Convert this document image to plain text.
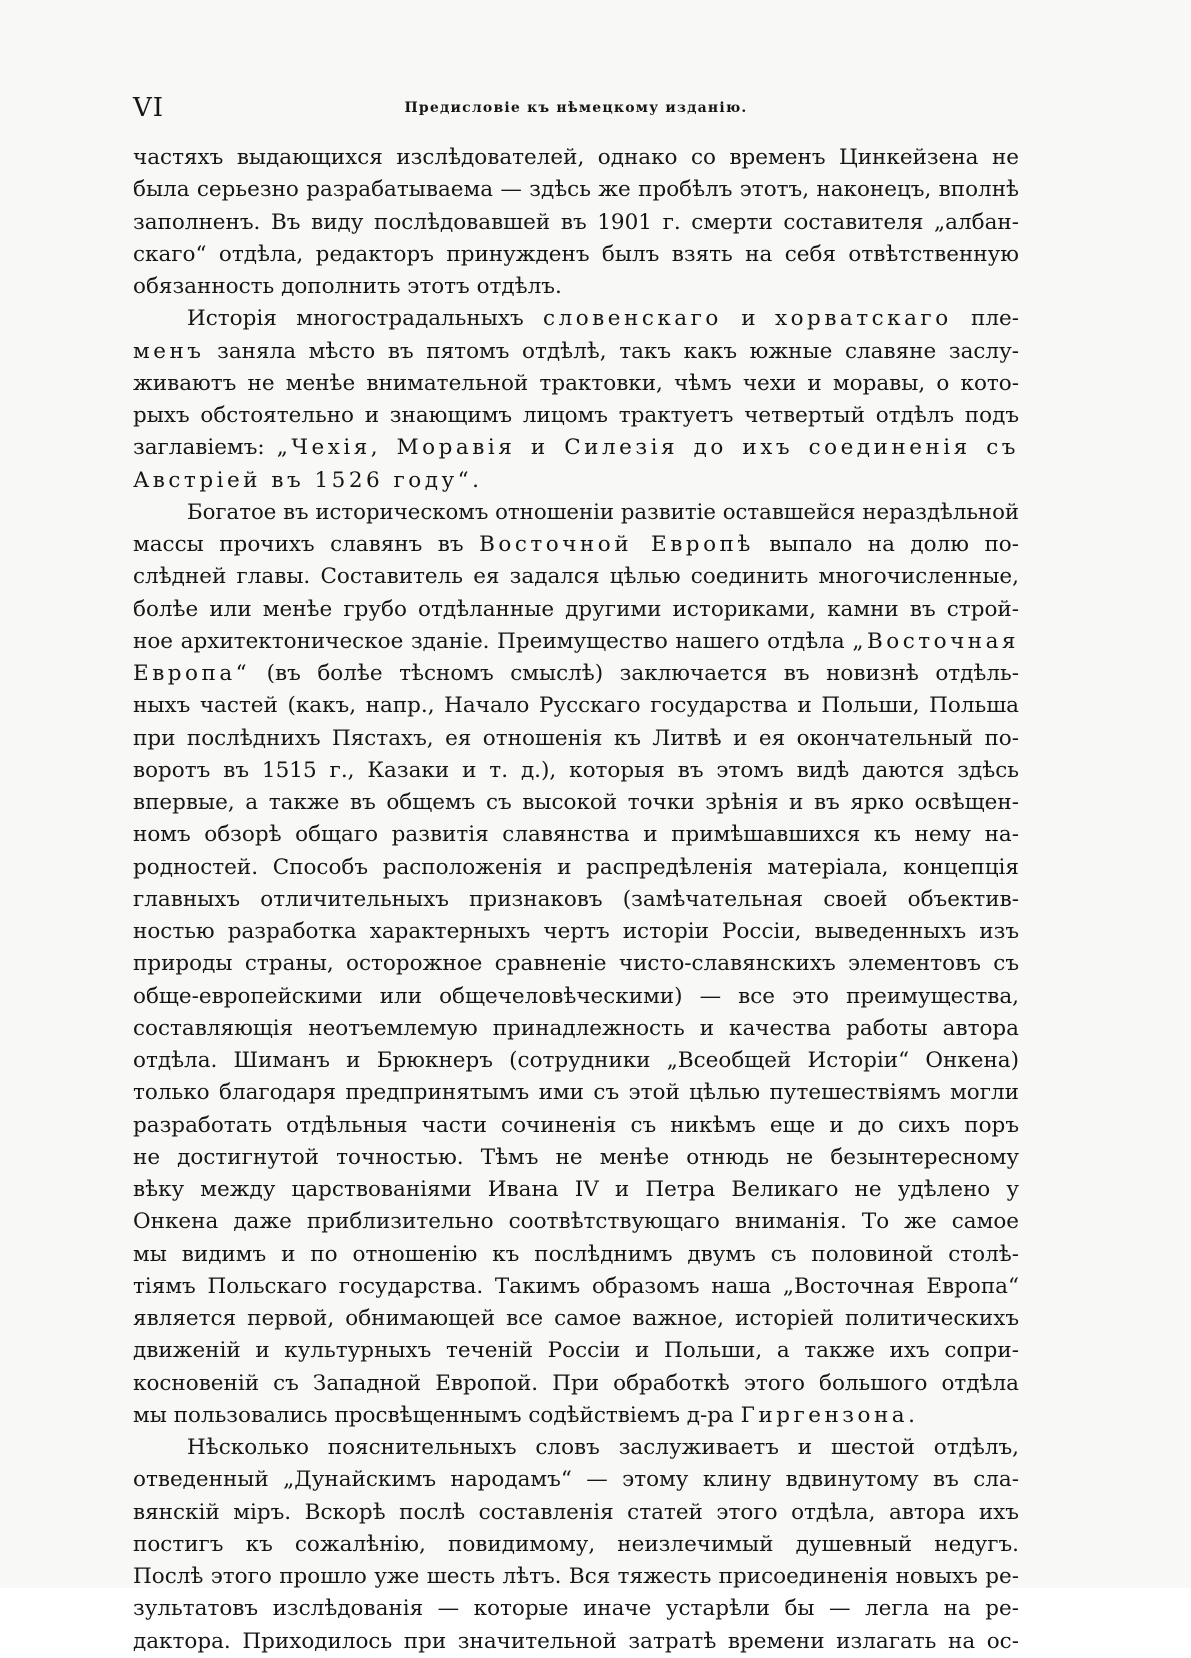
VI	Предисловіе къ нѣмецкому изданію.
частяхъ выдающихся изслѣдователей, однако со временъ Цинкейзена не
была серьезно разрабатываема — здѣсь же пробѣлъ этотъ, наконецъ, вполнѣ
заполненъ. Въ виду послѣдовавшей въ 1901 г. смерти составителя „албан-
скаго“ отдѣла, редакторъ принужденъ былъ взять на себя отвѣтственную
обязанность дополнить этотъ отдѣлъ.
Исторія многострадальныхъ словенскаго и хорватскаго пле-
менъ заняла мѣсто въ пятомъ отдѣлѣ, такъ какъ южные славяне заслу-
живаютъ не менѣе внимательной трактовки, чѣмъ чехи и моравы, о кото-
рыхъ обстоятельно и знающимъ лицомъ трактуетъ четвертый отдѣлъ подъ
заглавіемъ: „Чехія, Моравія и Силезія до ихъ соединенія съ
Австріей въ 1526 году“.
Богатое въ историческомъ отношеніи развитіе оставшейся нераздѣльной
массы прочихъ славянъ въ Восточной Европѣ выпало на долю по-
слѣдней главы. Составитель ея задался цѣлью соединить многочисленные,
болѣе или менѣе грубо отдѣланные другими историками, камни въ строй-
ное архитектоническое зданіе. Преимущество нашего отдѣла „Восточная
Европа“ (въ болѣе тѣсномъ смыслѣ) заключается въ новизнѣ отдѣль-
ныхъ частей (какъ, напр., Начало Русскаго государства и Польши, Польша
при послѣднихъ Пястахъ, ея отношенія къ Литвѣ и ея окончательный по-
воротъ въ 1515 г., Казаки и т. д.), которыя въ этомъ видѣ даются здѣсь
впервые, а также въ общемъ съ высокой точки зрѣнія и въ ярко освѣщен-
номъ обзорѣ общаго развитія славянства и примѣшавшихся къ нему на-
родностей. Способъ расположенія и распредѣленія матеріала, концепція
главныхъ отличительныхъ признаковъ (замѣчательная своей объектив-
ностью разработка характерныхъ чертъ исторіи Россіи, выведенныхъ изъ
природы страны, осторожное сравненіе чисто-славянскихъ элементовъ съ
обще-европейскими или общечеловѣческими) — все это преимущества,
составляющія неотъемлемую принадлежность и качества работы автора
отдѣла. Шиманъ и Брюкнеръ (сотрудники „Всеобщей Исторіи“ Онкена)
только благодаря предпринятымъ ими съ этой цѣлью путешествіямъ могли
разработать отдѣльныя части сочиненія съ никѣмъ еще и до сихъ поръ
не достигнутой точностью. Тѣмъ не менѣе отнюдь не безынтересному
вѣку между царствованіями Ивана IV и Петра Великаго не удѣлено у
Онкена даже приблизительно соотвѣтствующаго вниманія. То же самое
мы видимъ и по отношенію къ послѣднимъ двумъ съ половиной столѣ-
тіямъ Польскаго государства. Такимъ образомъ наша „Восточная Европа“
является первой, обнимающей все самое важное, исторіей политическихъ
движеній и культурныхъ теченій Россіи и Польши, а также ихъ сопри-
косновеній съ Западной Европой. При обработкѣ этого большого отдѣла
мы пользовались просвѣщеннымъ содѣйствіемъ д-ра Гиргензона.
Нѣсколько пояснительныхъ словъ заслуживаетъ и шестой отдѣлъ,
отведенный „Дунайскимъ народамъ“ — этому клину вдвинутому въ сла-
вянскій міръ. Вскорѣ послѣ составленія статей этого отдѣла, автора ихъ
постигъ къ сожалѣнію, повидимому, неизлечимый душевный недугъ.
Послѣ этого прошло уже шесть лѣтъ. Вся тяжесть присоединенія новыхъ ре-
зультатовъ изслѣдованія — которые иначе устарѣли бы — легла на ре-
дактора. Приходилось при значительной затратѣ времени излагать на ос-
